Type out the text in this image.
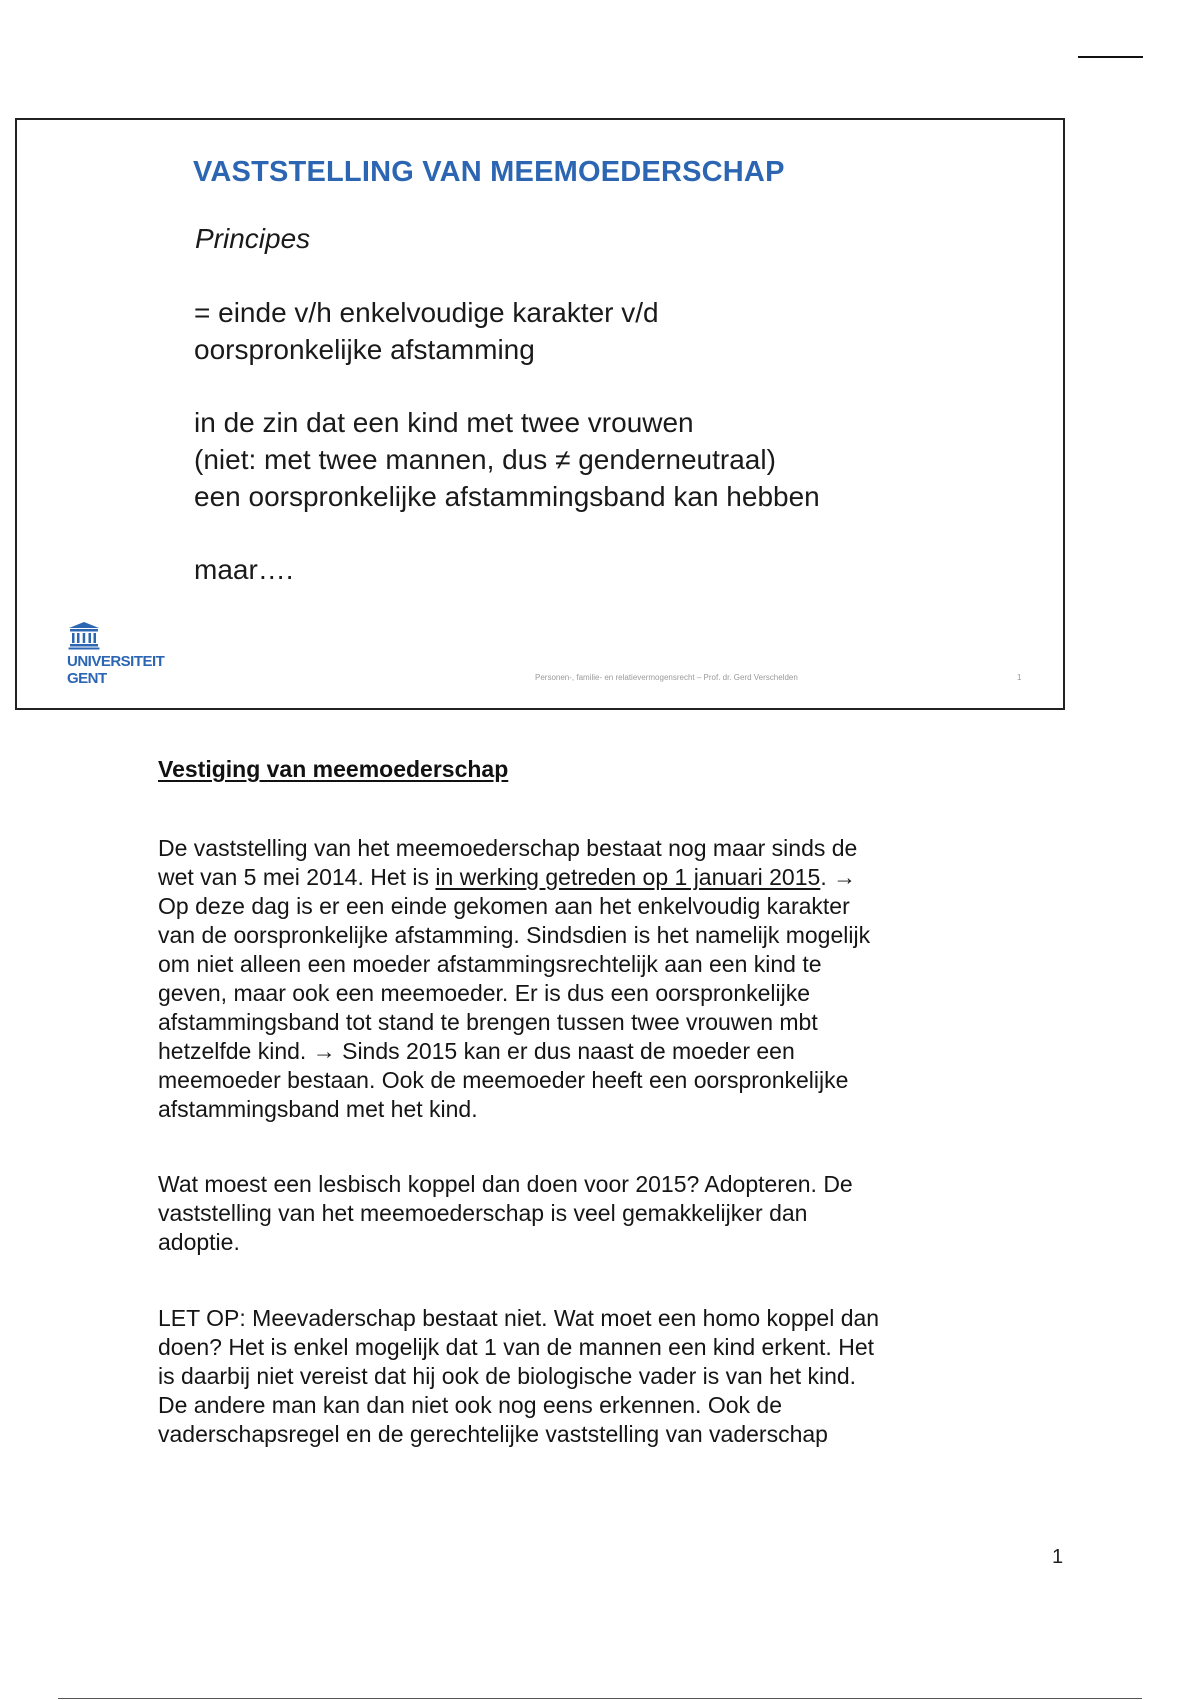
VASTSTELLING VAN MEEMOEDERSCHAP

Principes

= einde v/h enkelvoudige karakter v/d
oorspronkelijke afstamming

in de zin dat een kind met twee vrouwen
(niet: met twee mannen, dus ≠ genderneutraal)
een oorspronkelijke afstammingsband kan hebben

maar….

UNIVERSITEIT
GENT	Personen-, familie- en relatievermogensrecht – Prof. dr. Gerd Verschelden	1
Vestiging van meemoederschap

De vaststelling van het meemoederschap bestaat nog maar sinds de
wet van 5 mei 2014. Het is in werking getreden op 1 januari 2015. →
Op deze dag is er een einde gekomen aan het enkelvoudig karakter
van de oorspronkelijke afstamming. Sindsdien is het namelijk mogelijk
om niet alleen een moeder afstammingsrechtelijk aan een kind te
geven, maar ook een meemoeder. Er is dus een oorspronkelijke
afstammingsband tot stand te brengen tussen twee vrouwen mbt
hetzelfde kind. → Sinds 2015 kan er dus naast de moeder een
meemoeder bestaan. Ook de meemoeder heeft een oorspronkelijke
afstammingsband met het kind.

Wat moest een lesbisch koppel dan doen voor 2015? Adopteren. De
vaststelling van het meemoederschap is veel gemakkelijker dan
adoptie.

LET OP: Meevaderschap bestaat niet. Wat moet een homo koppel dan
doen? Het is enkel mogelijk dat 1 van de mannen een kind erkent. Het
is daarbij niet vereist dat hij ook de biologische vader is van het kind.
De andere man kan dan niet ook nog eens erkennen. Ook de
vaderschapsregel en de gerechtelijke vaststelling van vaderschap

1
